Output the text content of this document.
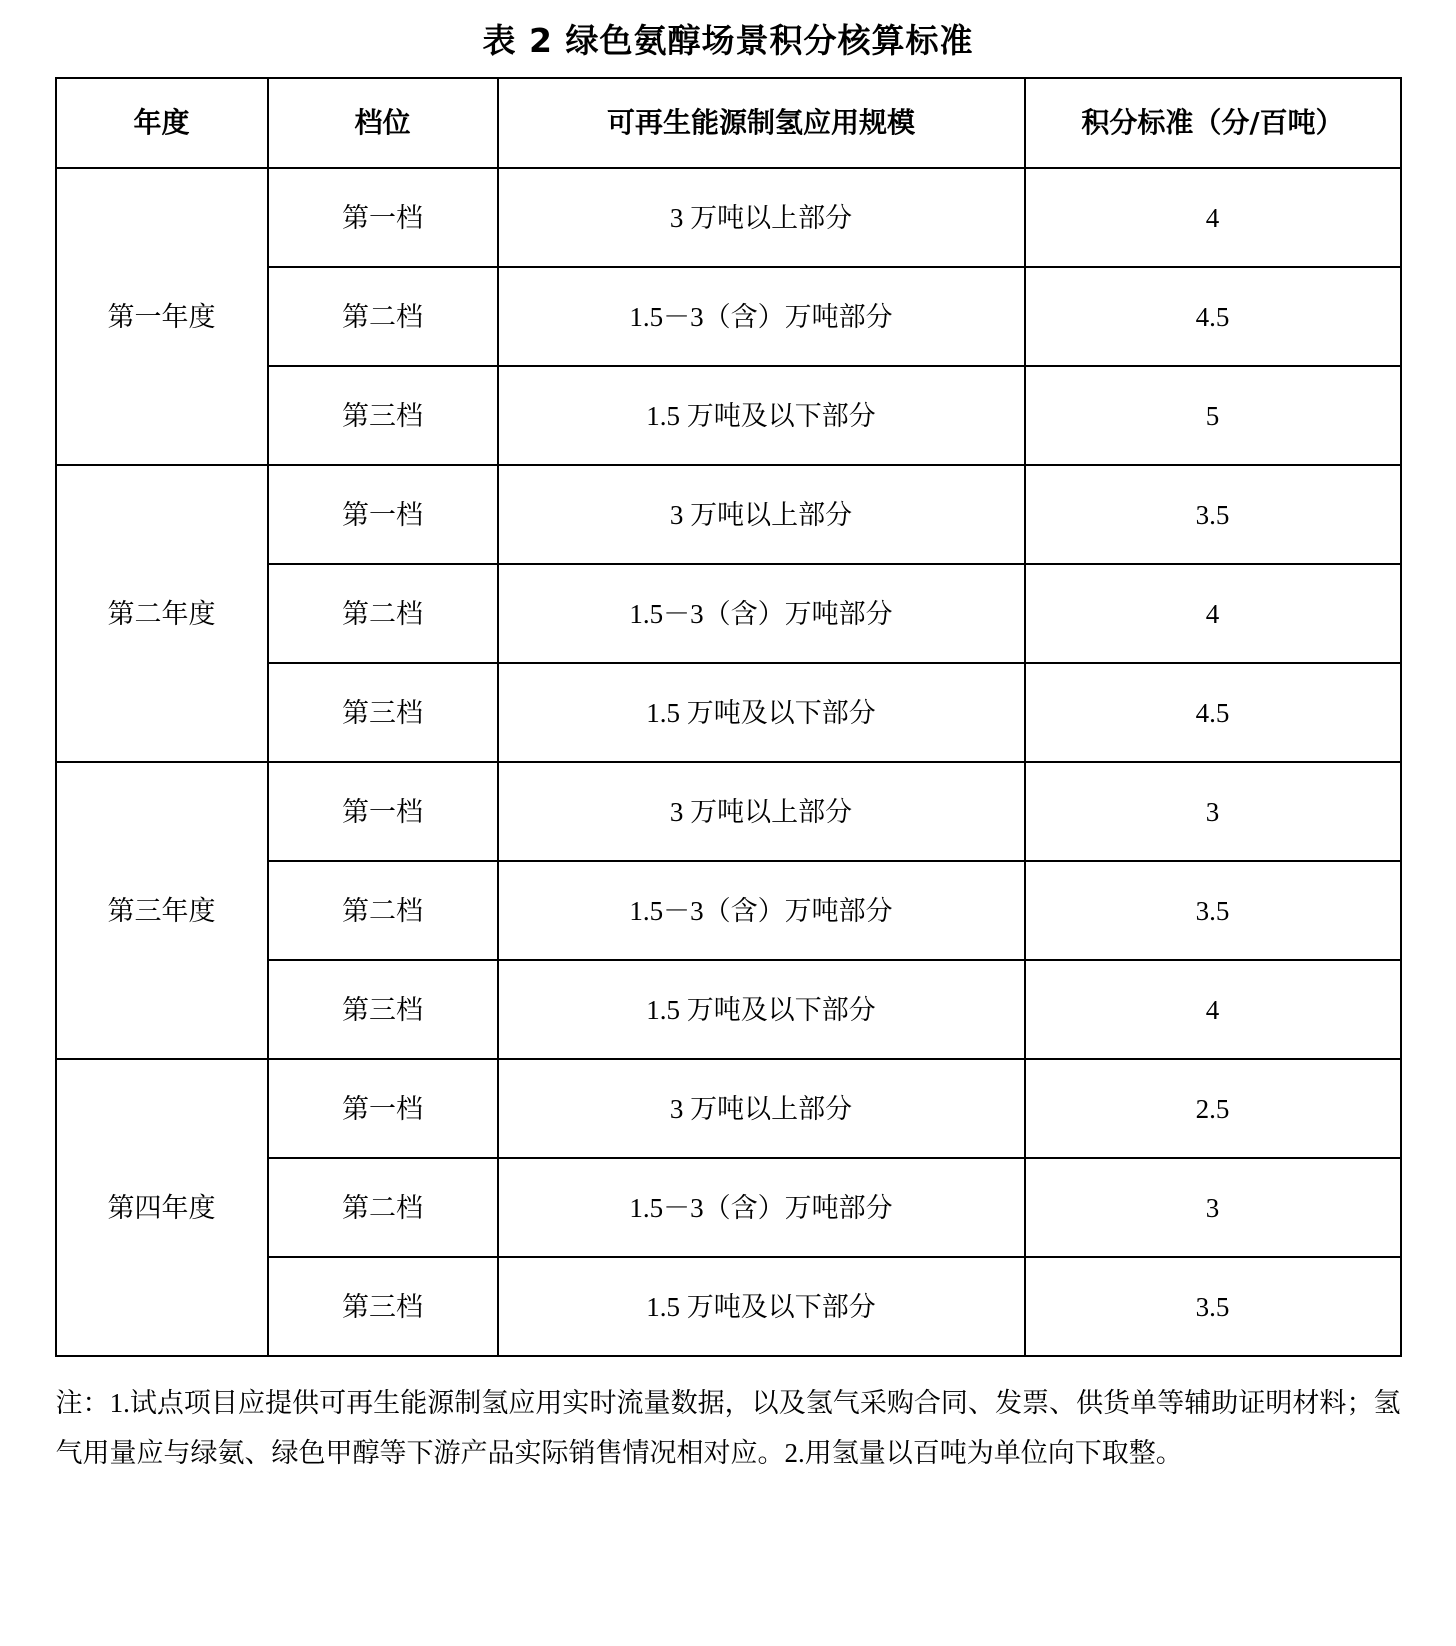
表 2 绿色氨醇场景积分核算标准
年度	档位	可再生能源制氢应用规模	积分标准（分/百吨）
第一年度	第一档	3 万吨以上部分	4
	第二档	1.5－3（含）万吨部分	4.5
	第三档	1.5 万吨及以下部分	5
第二年度	第一档	3 万吨以上部分	3.5
	第二档	1.5－3（含）万吨部分	4
	第三档	1.5 万吨及以下部分	4.5
第三年度	第一档	3 万吨以上部分	3
	第二档	1.5－3（含）万吨部分	3.5
	第三档	1.5 万吨及以下部分	4
第四年度	第一档	3 万吨以上部分	2.5
	第二档	1.5－3（含）万吨部分	3
	第三档	1.5 万吨及以下部分	3.5
注：1.试点项目应提供可再生能源制氢应用实时流量数据，以及氢气采购合同、发票、供货单等辅助证明材料；氢气用量应与绿氨、绿色甲醇等下游产品实际销售情况相对应。2.用氢量以百吨为单位向下取整。
